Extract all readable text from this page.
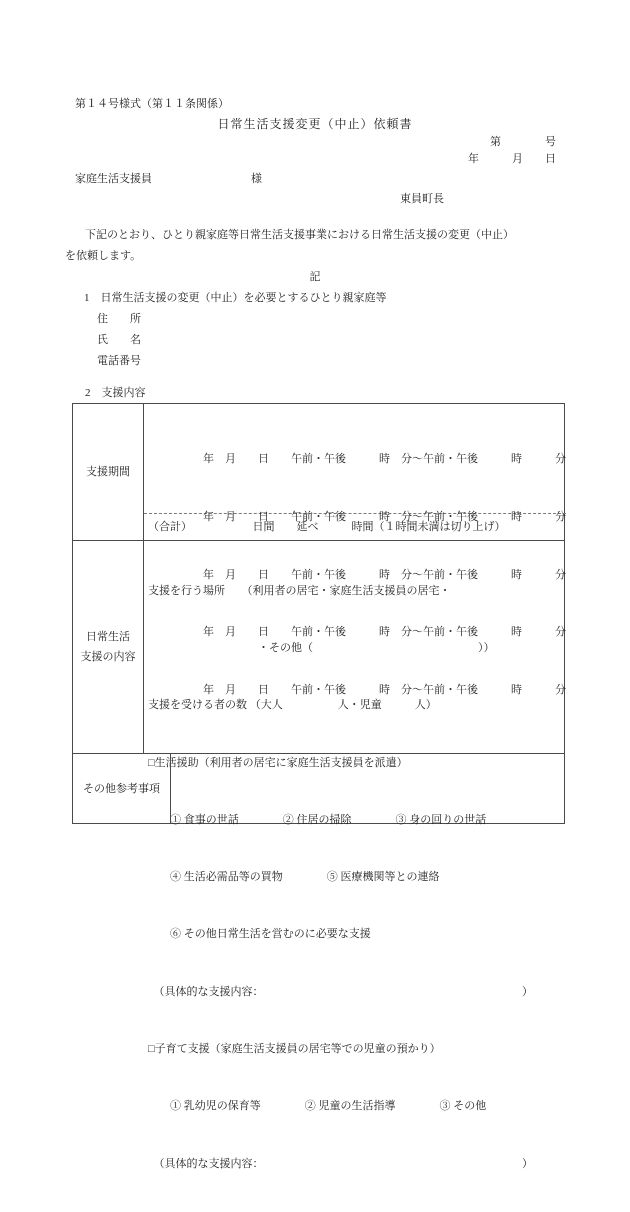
第１４号様式（第１１条関係）
日常生活支援変更（中止）依頼書
第　　　　号
年　　　月　　日
家庭生活支援員　　　　　　　　　様
東員町長
下記のとおり、ひとり親家庭等日常生活支援事業における日常生活支援の変更（中止）
を依頼します。
記
1　日常生活支援の変更（中止）を必要とするひとり親家庭等
住　　所
氏　　名
電話番号
2　支援内容
支援期間

　　　　　年　月　　日　　午前・午後　　　時　分～午前・午後　　　時　　　分

　　　　　年　月　　日　　午前・午後　　　時　分～午前・午後　　　時　　　分

　　　　　年　月　　日　　午前・午後　　　時　分～午前・午後　　　時　　　分

　　　　　年　月　　日　　午前・午後　　　時　分～午前・午後　　　時　　　分

　　　　　年　月　　日　　午前・午後　　　時　分～午前・午後　　　時　　　分

（合計）　　　　　　日間　　延べ　　　時間（１時間未満は切り上げ）
日常生活
支援の内容

支援を行う場所　　（利用者の居宅・家庭生活支援員の居宅・

　　　　　　　　　　・その他（　　　　　　　　　　　　　　　））

支援を受ける者の数 （大人　　　　　人・児童　　　人）

□生活援助（利用者の居宅に家庭生活支援員を派遣）

　　① 食事の世話　　　　② 住居の掃除　　　　③ 身の回りの世話

　　④ 生活必需品等の買物　　　　⑤ 医療機関等との連絡

　　⑥ その他日常生活を営むのに必要な支援

　（具体的な支援内容：　　　　　　　　　　　　　　　　　　　　　　　　）

□子育て支援（家庭生活支援員の居宅等での児童の預かり）

　　① 乳幼児の保育等　　　　② 児童の生活指導　　　　③ その他

　（具体的な支援内容：　　　　　　　　　　　　　　　　　　　　　　　　）

その他参考事項
